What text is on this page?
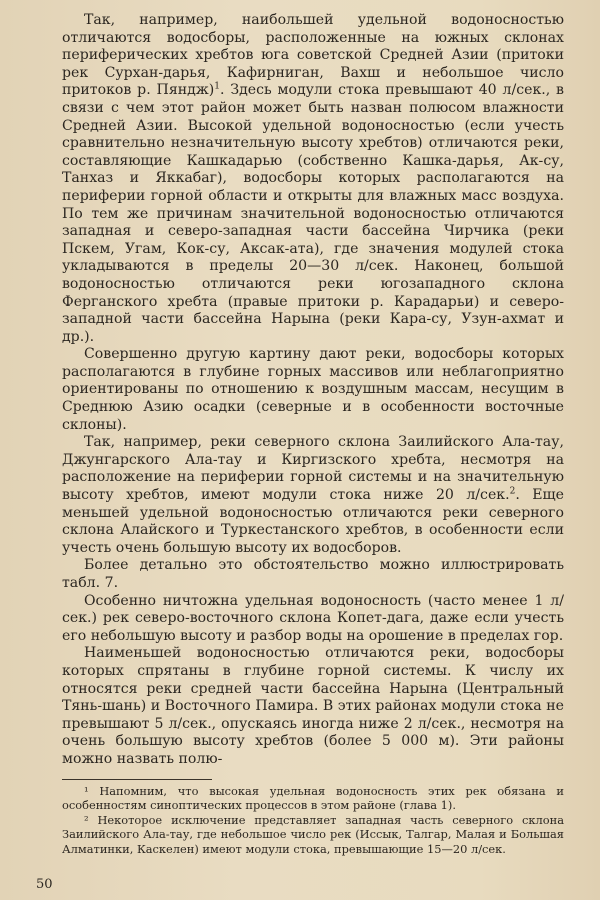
Так, например, наибольшей удельной водоносностью отличаются водосборы, расположенные на южных склонах периферических хребтов юга советской Средней Азии (притоки рек Сурхан-дарья, Кафирниган, Вахш и небольшое число притоков р. Пяндж)$^1$. Здесь модули стока превышают 40 л/сек., в связи с чем этот район может быть назван полюсом влажности Средней Азии. Высокой удельной водоносностью (если учесть сравнительно незначительную высоту хребтов) отличаются реки, составляющие Кашкадарью (собственно Кашка-дарья, Ак-су, Танхаз и Яккабаг), водосборы которых располагаются на периферии горной области и открыты для влажных масс воздуха. По тем же причинам значительной водоносностью отличаются западная и северо-западная части бассейна Чирчика (реки Пскем, Угам, Кок-су, Аксак-ата), где значения модулей стока укладываются в пределы 20—30 л/сек. Наконец, большой водоносностью отличаются реки югозападного склона Ферганского хребта (правые притоки р. Карадарьи) и северо-западной части бассейна Нарына (реки Кара-су, Узун-ахмат и др.).

Совершенно другую картину дают реки, водосборы которых располагаются в глубине горных массивов или неблагоприятно ориентированы по отношению к воздушным массам, несущим в Среднюю Азию осадки (северные и в особенности восточные склоны).

Так, например, реки северного склона Заилийского Ала-тау, Джунгарского Ала-тау и Киргизского хребта, несмотря на расположение на периферии горной системы и на значительную высоту хребтов, имеют модули стока ниже 20 л/сек.$^2$. Еще меньшей удельной водоносностью отличаются реки северного склона Алайского и Туркестанского хребтов, в особенности если учесть очень большую высоту их водосборов.

Более детально это обстоятельство можно иллюстрировать табл. 7.

Особенно ничтожна удельная водоносность (часто менее 1 л/сек.) рек северо-восточного склона Копет-дага, даже если учесть его небольшую высоту и разбор воды на орошение в пределах гор.

Наименьшей водоносностью отличаются реки, водосборы которых спрятаны в глубине горной системы. К числу их относятся реки средней части бассейна Нарына (Центральный Тянь-шань) и Восточного Памира. В этих районах модули стока не превышают 5 л/сек., опускаясь иногда ниже 2 л/сек., несмотря на очень большую высоту хребтов (более 5 000 м). Эти районы можно назвать полю-

¹ Напомним, что высокая удельная водоносность этих рек обязана и особенностям синоптических процессов в этом районе (глава 1).

² Некоторое исключение представляет западная часть северного склона Заилийского Ала-тау, где небольшое число рек (Иссык, Талгар, Малая и Большая Алматинки, Каскелен) имеют модули стока, превышающие 15—20 л/сек.

50
